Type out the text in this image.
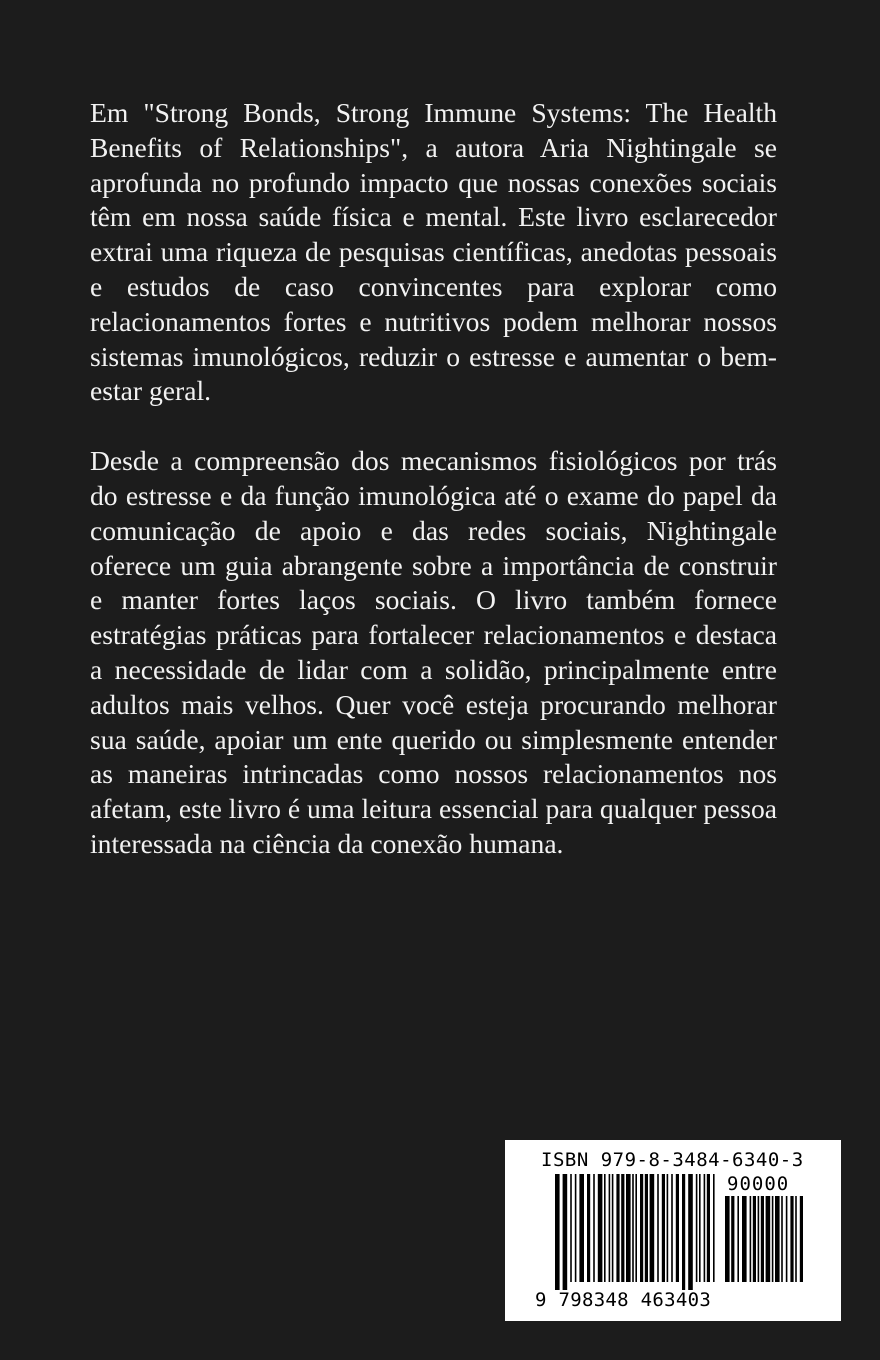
Em "Strong Bonds, Strong Immune Systems: The Health Benefits of Relationships", a autora Aria Nightingale se aprofunda no profundo impacto que nossas conexões sociais têm em nossa saúde física e mental. Este livro esclarecedor extrai uma riqueza de pesquisas científicas, anedotas pessoais e estudos de caso convincentes para explorar como relacionamentos fortes e nutritivos podem melhorar nossos sistemas imunológicos, reduzir o estresse e aumentar o bem-estar geral.

Desde a compreensão dos mecanismos fisiológicos por trás do estresse e da função imunológica até o exame do papel da comunicação de apoio e das redes sociais, Nightingale oferece um guia abrangente sobre a importância de construir e manter fortes laços sociais. O livro também fornece estratégias práticas para fortalecer relacionamentos e destaca a necessidade de lidar com a solidão, principalmente entre adultos mais velhos. Quer você esteja procurando melhorar sua saúde, apoiar um ente querido ou simplesmente entender as maneiras intrincadas como nossos relacionamentos nos afetam, este livro é uma leitura essencial para qualquer pessoa interessada na ciência da conexão humana.

ISBN 979-8-3484-6340-3
90000
9 798348 463403
